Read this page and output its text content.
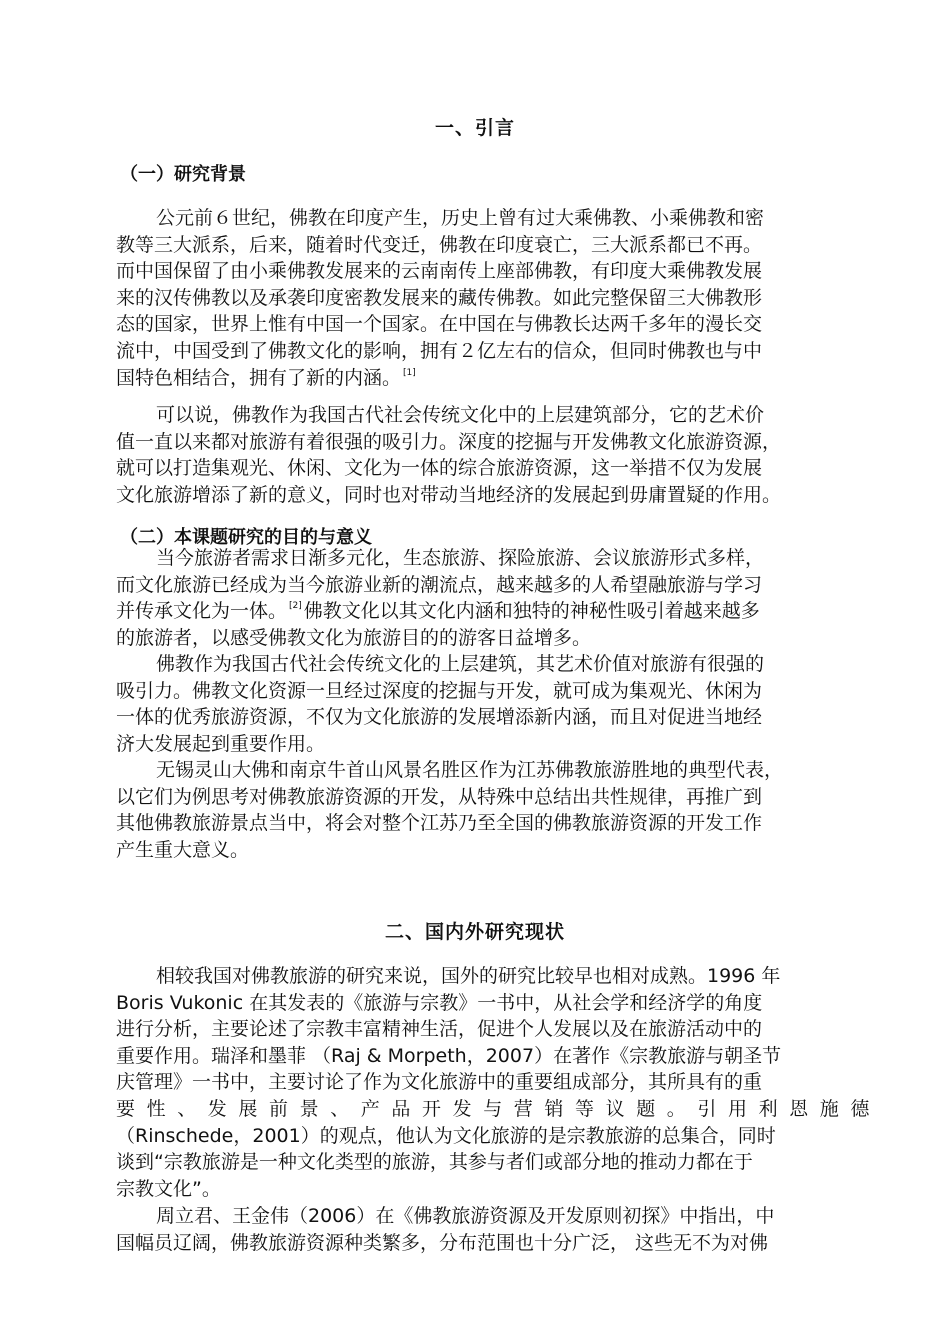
一、引言
（一）研究背景
公元前６世纪，佛教在印度产生，历史上曾有过大乘佛教、小乘佛教和密
教等三大派系，后来，随着时代变迁，佛教在印度衰亡，三大派系都已不再。
而中国保留了由小乘佛教发展来的云南南传上座部佛教，有印度大乘佛教发展
来的汉传佛教以及承袭印度密教发展来的藏传佛教。如此完整保留三大佛教形
态的国家，世界上惟有中国一个国家。在中国在与佛教长达两千多年的漫长交
流中，中国受到了佛教文化的影响，拥有２亿左右的信众，但同时佛教也与中
国特色相结合，拥有了新的内涵。 [1]
可以说，佛教作为我国古代社会传统文化中的上层建筑部分，它的艺术价
值一直以来都对旅游有着很强的吸引力。深度的挖掘与开发佛教文化旅游资源，
就可以打造集观光、休闲、文化为一体的综合旅游资源，这一举措不仅为发展
文化旅游增添了新的意义，同时也对带动当地经济的发展起到毋庸置疑的作用。
（二）本课题研究的目的与意义
当今旅游者需求日渐多元化，生态旅游、探险旅游、会议旅游形式多样，
而文化旅游已经成为当今旅游业新的潮流点，越来越多的人希望融旅游与学习
并传承文化为一体。 [2] 佛教文化以其文化内涵和独特的神秘性吸引着越来越多
的旅游者，以感受佛教文化为旅游目的的游客日益增多。
佛教作为我国古代社会传统文化的上层建筑，其艺术价值对旅游有很强的
吸引力。佛教文化资源一旦经过深度的挖掘与开发，就可成为集观光、休闲为
一体的优秀旅游资源，不仅为文化旅游的发展增添新内涵，而且对促进当地经
济大发展起到重要作用。
无锡灵山大佛和南京牛首山风景名胜区作为江苏佛教旅游胜地的典型代表，
以它们为例思考对佛教旅游资源的开发，从特殊中总结出共性规律，再推广到
其他佛教旅游景点当中，将会对整个江苏乃至全国的佛教旅游资源的开发工作
产生重大意义。
二、国内外研究现状
相较我国对佛教旅游的研究来说，国外的研究比较早也相对成熟。1996 年
Boris Vukonic 在其发表的《旅游与宗教》一书中，从社会学和经济学的角度
进行分析，主要论述了宗教丰富精神生活，促进个人发展以及在旅游活动中的
重要作用。瑞泽和墨菲 （Raj & Morpeth，2007）在著作《宗教旅游与朝圣节
庆管理》一书中，主要讨论了作为文化旅游中的重要组成部分，其所具有的重
要性、发展前景、产品开发与营销等议题。引用利恩施德
（Rinschede，2001）的观点，他认为文化旅游的是宗教旅游的总集合，同时
谈到“宗教旅游是一种文化类型的旅游，其参与者们或部分地的推动力都在于
宗教文化”。
周立君、王金伟（2006）在《佛教旅游资源及开发原则初探》中指出，中
国幅员辽阔，佛教旅游资源种类繁多，分布范围也十分广泛， 这些无不为对佛
